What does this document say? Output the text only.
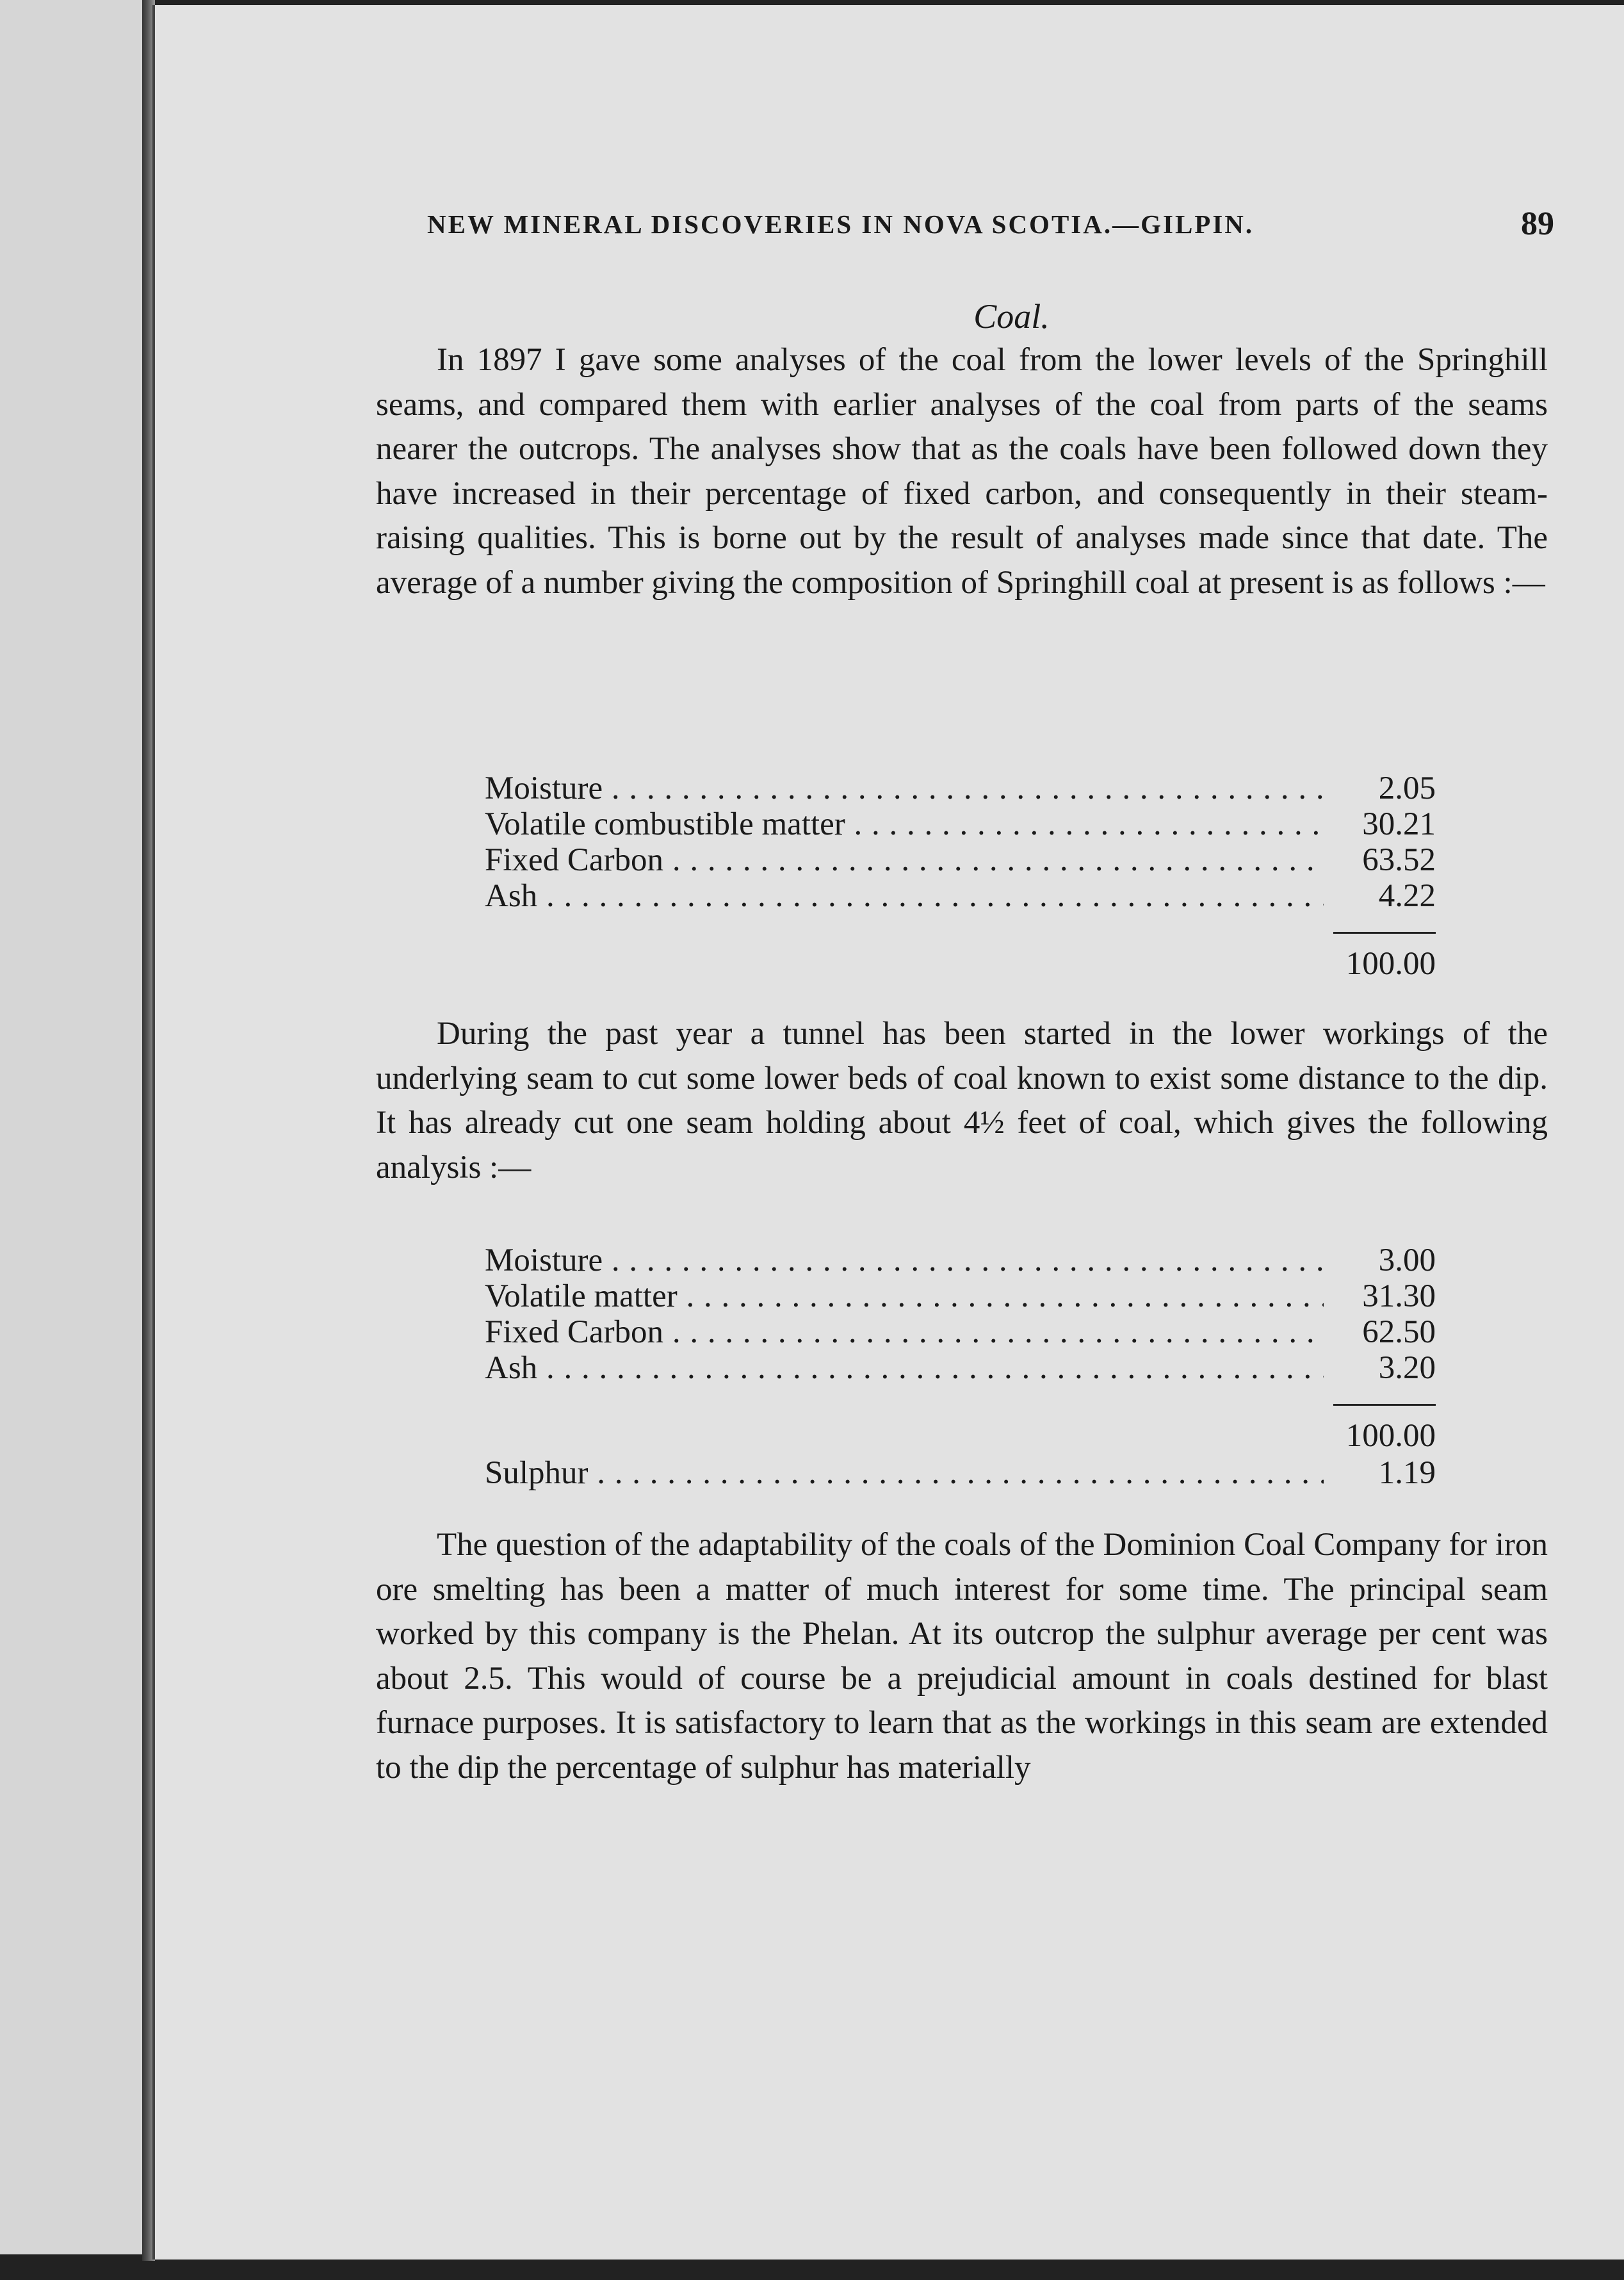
NEW MINERAL DISCOVERIES IN NOVA SCOTIA.—GILPIN.	89
Coal.

In 1897 I gave some analyses of the coal from the lower levels of the Springhill seams, and compared them with earlier analyses of the coal from parts of the seams nearer the outcrops. The analyses show that as the coals have been followed down they have increased in their percentage of fixed carbon, and consequently in their steam-raising qualities. This is borne out by the result of analyses made since that date. The average of a number giving the composition of Springhill coal at present is as follows :—

Moisture . . .	2.05
Volatile combustible matter . . .	30.21
Fixed Carbon . . .	63.52
Ash . . .	4.22
100.00

During the past year a tunnel has been started in the lower workings of the underlying seam to cut some lower beds of coal known to exist some distance to the dip. It has already cut one seam holding about 4½ feet of coal, which gives the following analysis :—

Moisture . . .	3.00
Volatile matter . . .	31.30
Fixed Carbon . . .	62.50
Ash . . .	3.20
100.00
Sulphur . . .	1.19

The question of the adaptability of the coals of the Dominion Coal Company for iron ore smelting has been a matter of much interest for some time. The principal seam worked by this company is the Phelan. At its outcrop the sulphur average per cent was about 2.5. This would of course be a prejudicial amount in coals destined for blast furnace purposes. It is satisfactory to learn that as the workings in this seam are extended to the dip the percentage of sulphur has materially
